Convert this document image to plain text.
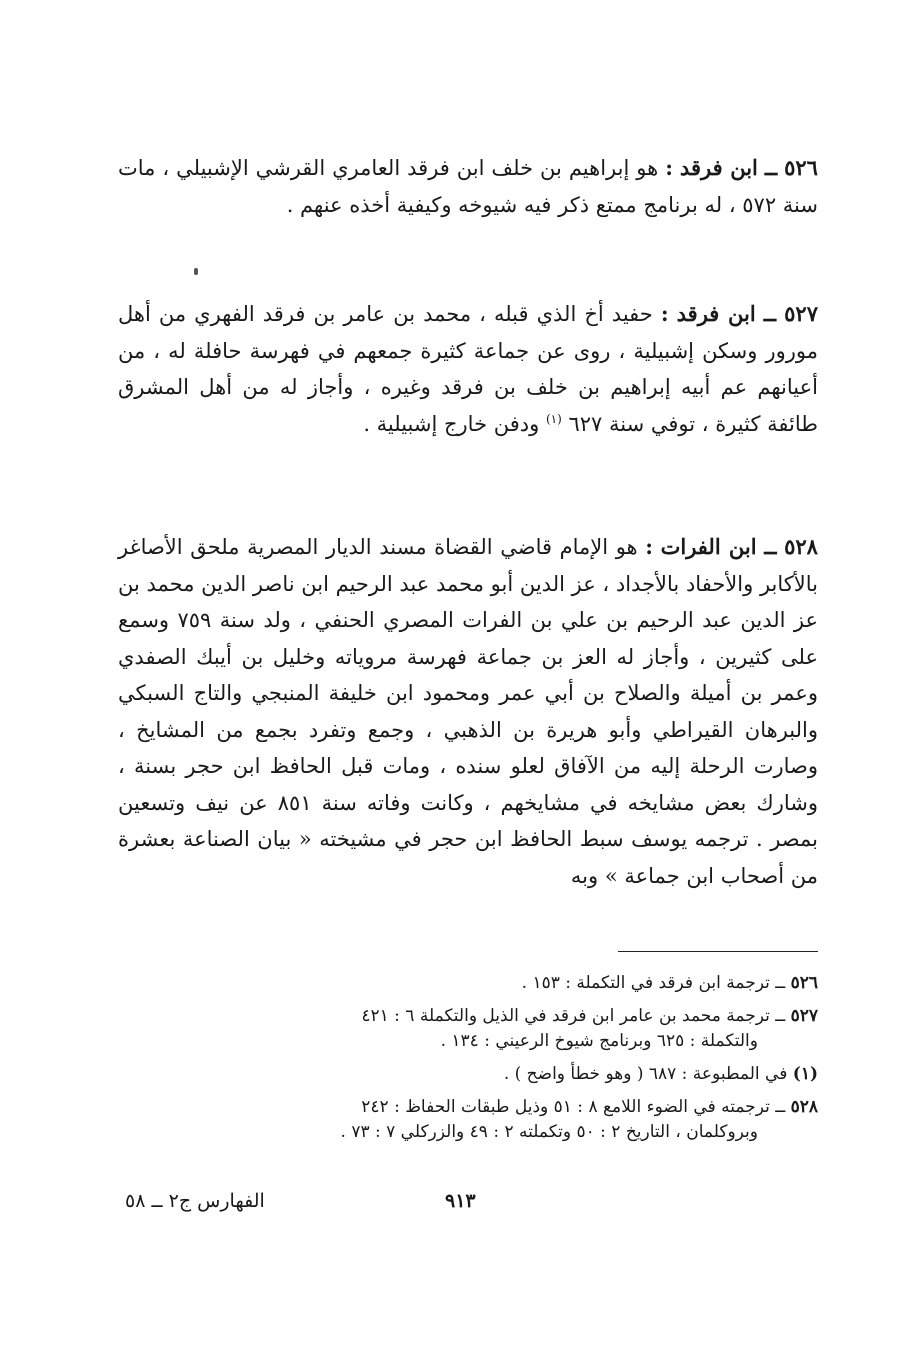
٥٢٦ ــ ابن فرقد : هو إبراهيم بن خلف ابن فرقد العامري القرشي الإشبيلي ، مات سنة ٥٧٢ ، له برنامج ممتع ذكر فيه شيوخه وكيفية أخذه عنهم .

٥٢٧ ــ ابن فرقد : حفيد أخ الذي قبله ، محمد بن عامر بن فرقد الفهري من أهل مورور وسكن إشبيلية ، روى عن جماعة كثيرة جمعهم في فهرسة حافلة له ، من أعيانهم عم أبيه إبراهيم بن خلف بن فرقد وغيره ، وأجاز له من أهل المشرق طائفة كثيرة ، توفي سنة ٦٢٧ $^{(١)}$ ودفن خارج إشبيلية .

٥٢٨ ــ ابن الفرات : هو الإمام قاضي القضاة مسند الديار المصرية ملحق الأصاغر بالأكابر والأحفاد بالأجداد ، عز الدين أبو محمد عبد الرحيم ابن ناصر الدين محمد بن عز الدين عبد الرحيم بن علي بن الفرات المصري الحنفي ، ولد سنة ٧٥٩ وسمع على كثيرين ، وأجاز له العز بن جماعة فهرسة مروياته وخليل بن أيبك الصفدي وعمر بن أميلة والصلاح بن أبي عمر ومحمود ابن خليفة المنبجي والتاج السبكي والبرهان القيراطي وأبو هريرة بن الذهبي ، وجمع وتفرد بجمع من المشايخ ، وصارت الرحلة إليه من الآفاق لعلو سنده ، ومات قبل الحافظ ابن حجر بسنة ، وشارك بعض مشايخه في مشايخهم ، وكانت وفاته سنة ٨٥١ عن نيف وتسعين بمصر . ترجمه يوسف سبط الحافظ ابن حجر في مشيخته « بيان الصناعة بعشرة من أصحاب ابن جماعة » وبه

٥٢٦ ــ ترجمة ابن فرقد في التكملة : ١٥٣ .

٥٢٧ ــ ترجمة محمد بن عامر ابن فرقد في الذيل والتكملة ٦ : ٤٢١
والتكملة : ٦٢٥ وبرنامج شيوخ الرعيني : ١٣٤ .

(١) في المطبوعة : ٦٨٧ ( وهو خطأ واضح ) .

٥٢٨ ــ ترجمته في الضوء اللامع ٨ : ٥١ وذيل طبقات الحفاظ : ٢٤٢
وبروكلمان ، التاريخ ٢ : ٥٠ وتكملته ٢ : ٤٩ والزركلي ٧ : ٧٣ .

٩١٣
الفهارس ج٢ ــ ٥٨
